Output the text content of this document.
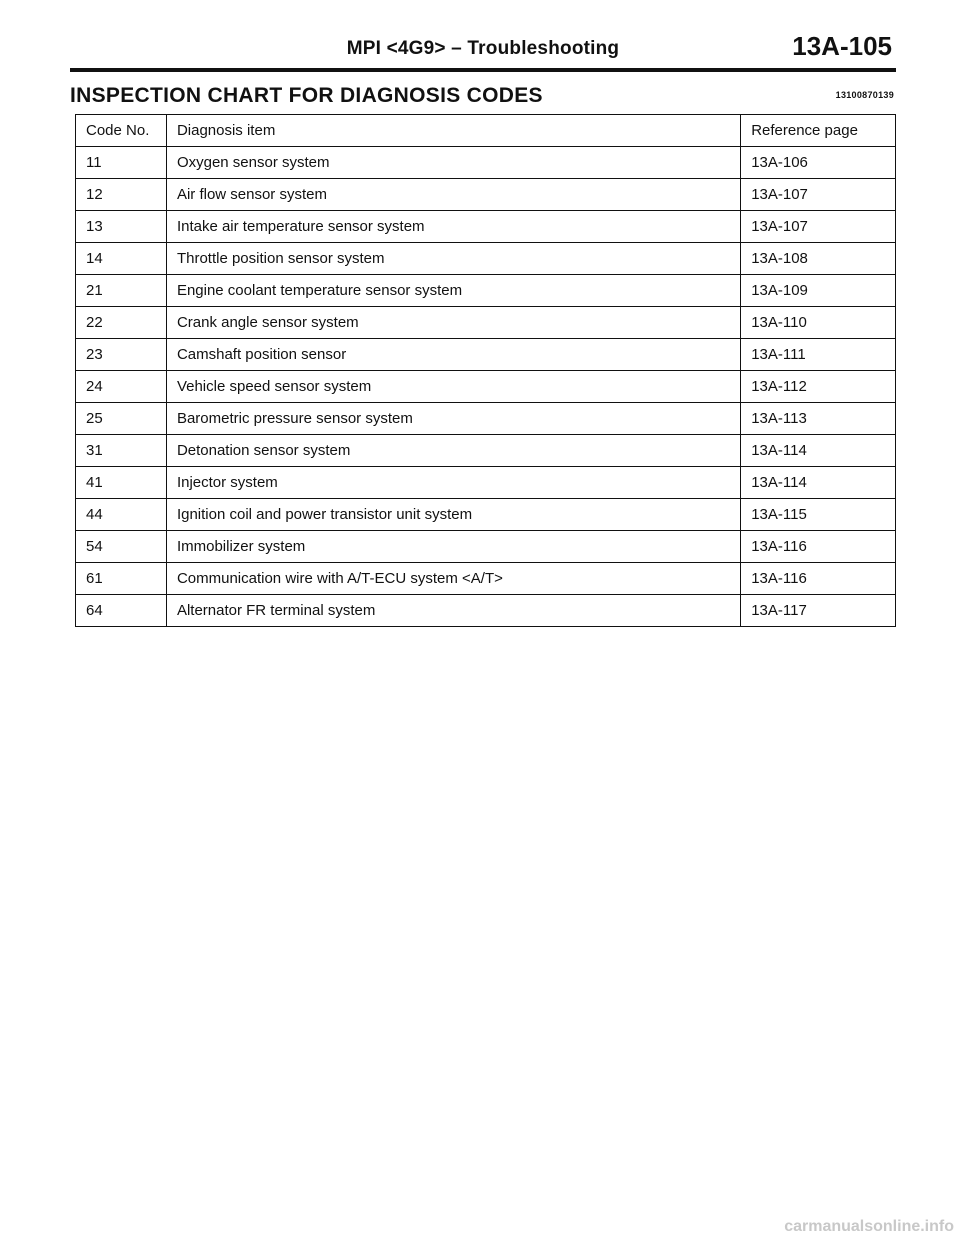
MPI <4G9> – Troubleshooting	13A-105
INSPECTION CHART FOR DIAGNOSIS CODES	13100870139
Code No.	Diagnosis item	Reference page
11	Oxygen sensor system	13A-106
12	Air flow sensor system	13A-107
13	Intake air temperature sensor system	13A-107
14	Throttle position sensor system	13A-108
21	Engine coolant temperature sensor system	13A-109
22	Crank angle sensor system	13A-110
23	Camshaft position sensor	13A-111
24	Vehicle speed sensor system	13A-112
25	Barometric pressure sensor system	13A-113
31	Detonation sensor system	13A-114
41	Injector system	13A-114
44	Ignition coil and power transistor unit system	13A-115
54	Immobilizer system	13A-116
61	Communication wire with A/T-ECU system <A/T>	13A-116
64	Alternator FR terminal system	13A-117
carmanualsonline.info
